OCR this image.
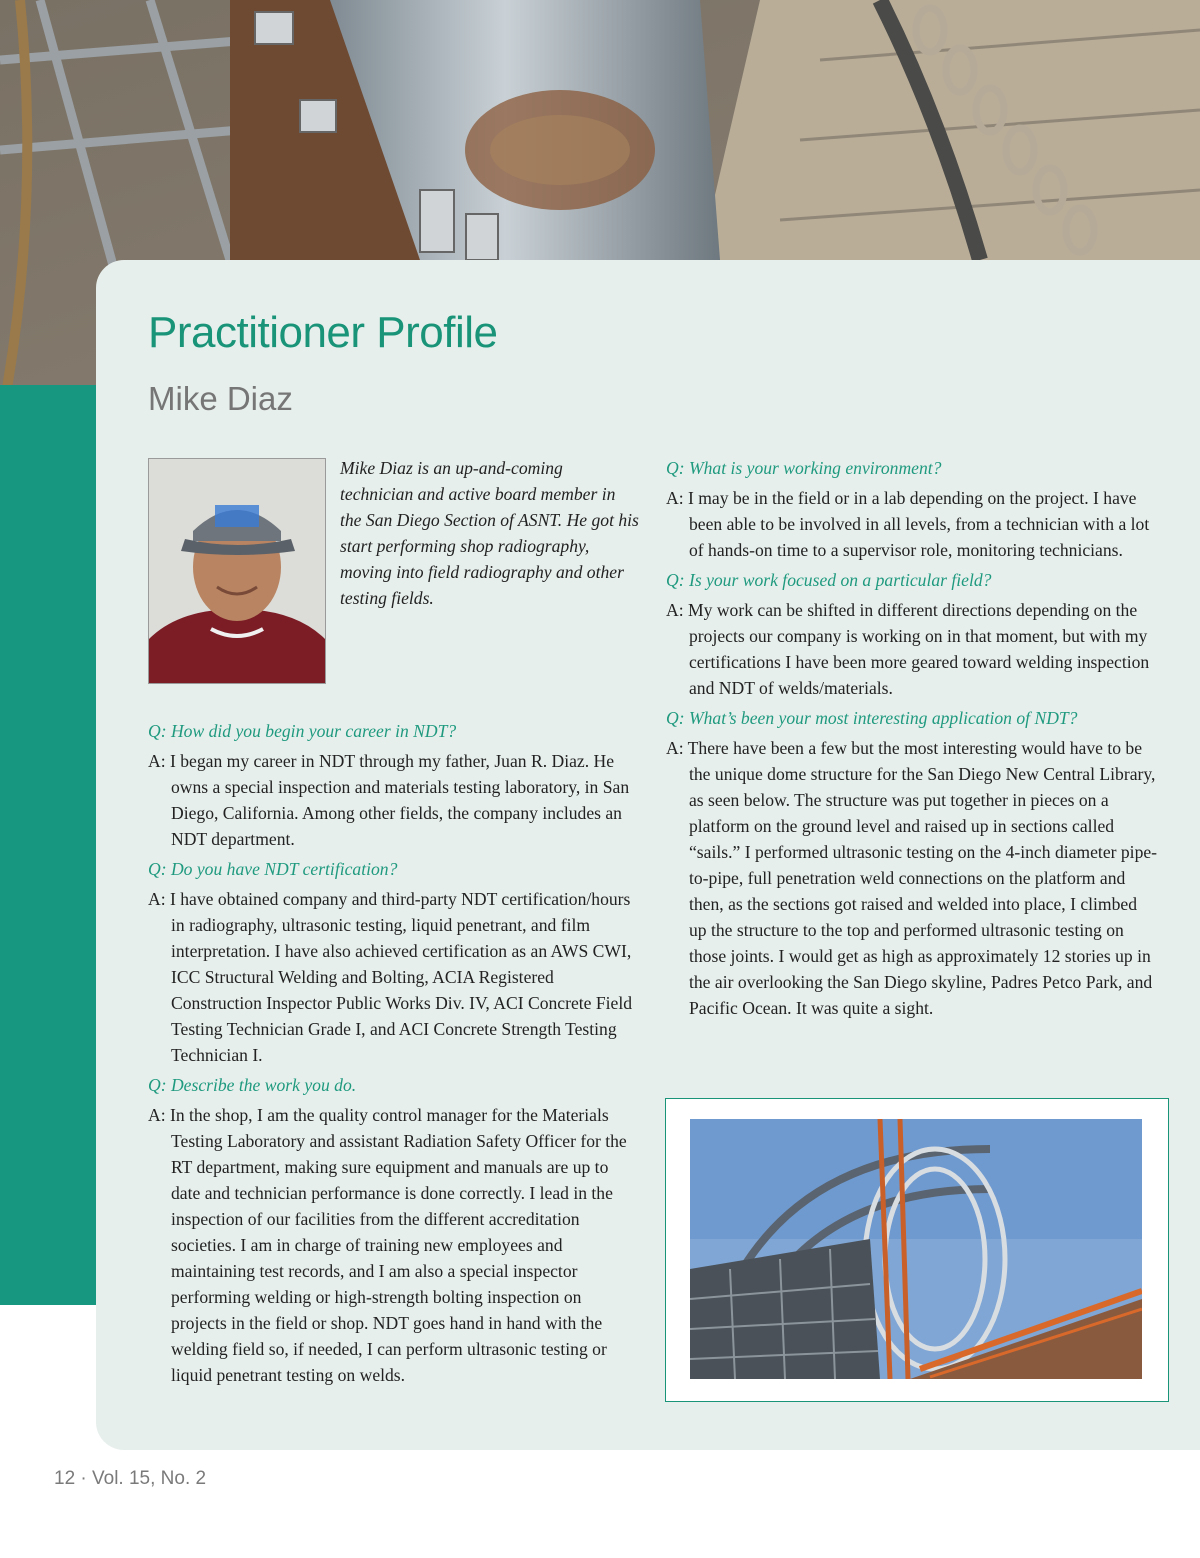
Practitioner Profile
Mike Diaz
Mike Diaz is an up-and-coming technician and active board member in the San Diego Section of ASNT. He got his start performing shop radiography, moving into field radiography and other testing fields.

Q: How did you begin your career in NDT?

A: I began my career in NDT through my father, Juan R. Diaz. He owns a special inspection and materials testing laboratory, in San Diego, California. Among other fields, the company includes an NDT department.

Q: Do you have NDT certification?

A: I have obtained company and third-party NDT certification/hours in radiography, ultrasonic testing, liquid penetrant, and film interpretation. I have also achieved certification as an AWS CWI, ICC Structural Welding and Bolting, ACIA Registered Construction Inspector Public Works Div. IV, ACI Concrete Field Testing Technician Grade I, and ACI Concrete Strength Testing Technician I.

Q: Describe the work you do.

A: In the shop, I am the quality control manager for the Materials Testing Laboratory and assistant Radiation Safety Officer for the RT department, making sure equipment and manuals are up to date and technician performance is done correctly. I lead in the inspection of our facilities from the different accreditation societies. I am in charge of training new employees and maintaining test records, and I am also a special inspector performing welding or high-strength bolting inspection on projects in the field or shop. NDT goes hand in hand with the welding field so, if needed, I can perform ultrasonic testing or liquid penetrant testing on welds.

Q: What is your working environment?

A: I may be in the field or in a lab depending on the project. I have been able to be involved in all levels, from a technician with a lot of hands-on time to a supervisor role, monitoring technicians.

Q: Is your work focused on a particular field?

A: My work can be shifted in different directions depending on the projects our company is working on in that moment, but with my certifications I have been more geared toward welding inspection and NDT of welds/materials.

Q: What’s been your most interesting application of NDT?

A: There have been a few but the most interesting would have to be the unique dome structure for the San Diego New Central Library, as seen below. The structure was put together in pieces on a platform on the ground level and raised up in sections called “sails.” I performed ultrasonic testing on the 4-inch diameter pipe-to-pipe, full penetration weld connections on the platform and then, as the sections got raised and welded into place, I climbed up the structure to the top and performed ultrasonic testing on those joints. I would get as high as approximately 12 stories up in the air overlooking the San Diego skyline, Padres Petco Park, and Pacific Ocean. It was quite a sight.

12 · Vol. 15, No. 2
